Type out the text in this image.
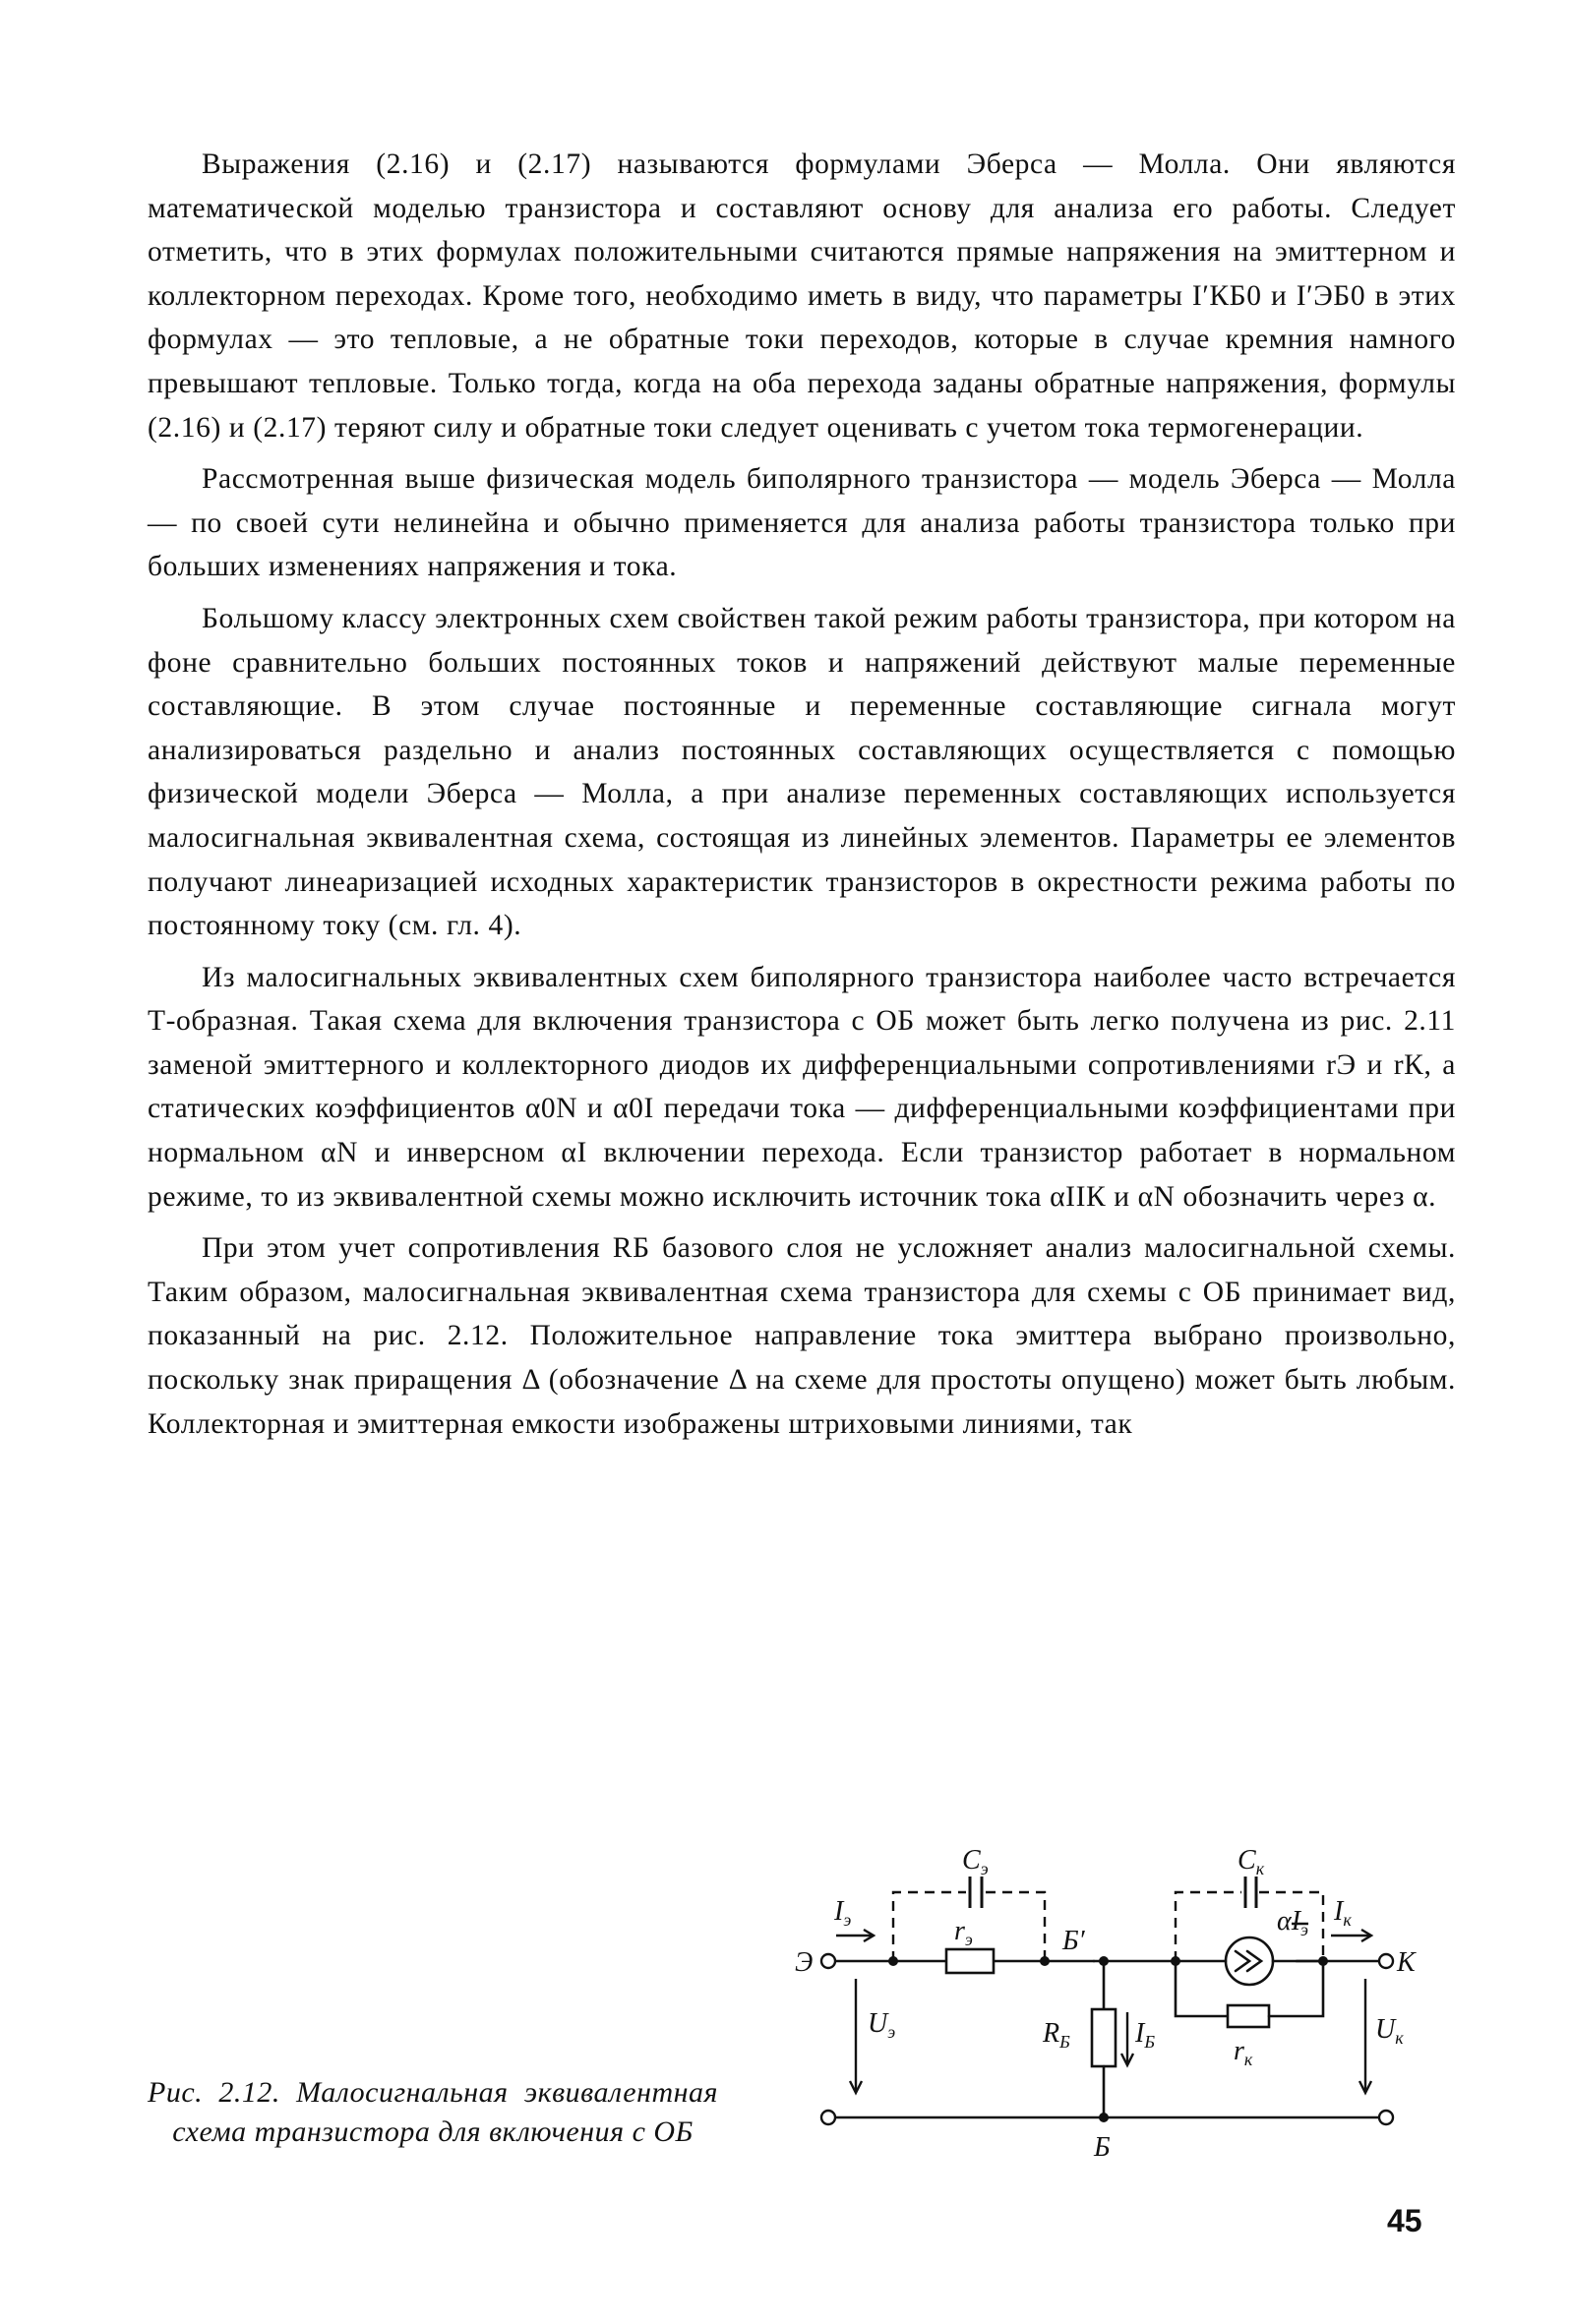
Выражения (2.16) и (2.17) называются формулами Эберса — Молла. Они являются математической моделью транзистора и составляют основу для анализа его работы. Следует отметить, что в этих формулах положительными считаются прямые напряжения на эмиттерном и коллекторном переходах. Кроме того, необходимо иметь в виду, что параметры I′КБ0 и I′ЭБ0 в этих формулах — это тепловые, а не обратные токи переходов, которые в случае кремния намного превышают тепловые. Только тогда, когда на оба перехода заданы обратные напряжения, формулы (2.16) и (2.17) теряют силу и обратные токи следует оценивать с учетом тока термогенерации.

Рассмотренная выше физическая модель биполярного транзистора — модель Эберса — Молла — по своей сути нелинейна и обычно применяется для анализа работы транзистора только при больших изменениях напряжения и тока.

Большому классу электронных схем свойствен такой режим работы транзистора, при котором на фоне сравнительно больших постоянных токов и напряжений действуют малые переменные составляющие. В этом случае постоянные и переменные составляющие сигнала могут анализироваться раздельно и анализ постоянных составляющих осуществляется с помощью физической модели Эберса — Молла, а при анализе переменных составляющих используется малосигнальная эквивалентная схема, состоящая из линейных элементов. Параметры ее элементов получают линеаризацией исходных характеристик транзисторов в окрестности режима работы по постоянному току (см. гл. 4).

Из малосигнальных эквивалентных схем биполярного транзистора наиболее часто встречается Т-образная. Такая схема для включения транзистора с ОБ может быть легко получена из рис. 2.11 заменой эмиттерного и коллекторного диодов их дифференциальными сопротивлениями rЭ и rК, а статических коэффициентов α0N и α0I передачи тока — дифференциальными коэффициентами при нормальном αN и инверсном αI включении перехода. Если транзистор работает в нормальном режиме, то из эквивалентной схемы можно исключить источник тока αIIК и αN обозначить через α.

При этом учет сопротивления RБ базового слоя не усложняет анализ малосигнальной схемы. Таким образом, малосигнальная эквивалентная схема транзистора для схемы с ОБ принимает вид, показанный на рис. 2.12. Положительное направление тока эмиттера выбрано произвольно, поскольку знак приращения Δ (обозначение Δ на схеме для простоты опущено) может быть любым. Коллекторная и эмиттерная емкости изображены штриховыми линиями, так

$C_э$	$C_к$
$I_э$	$I_к$
Э
$r_э$	Б′
$\alpha I_э$
К
$U_э$	$R_Б$ $I_Б$	$r_к$
$U_к$
Б
Рис. 2.12. Малосигнальная эквивалентная схема транзистора для включения с ОБ
45
